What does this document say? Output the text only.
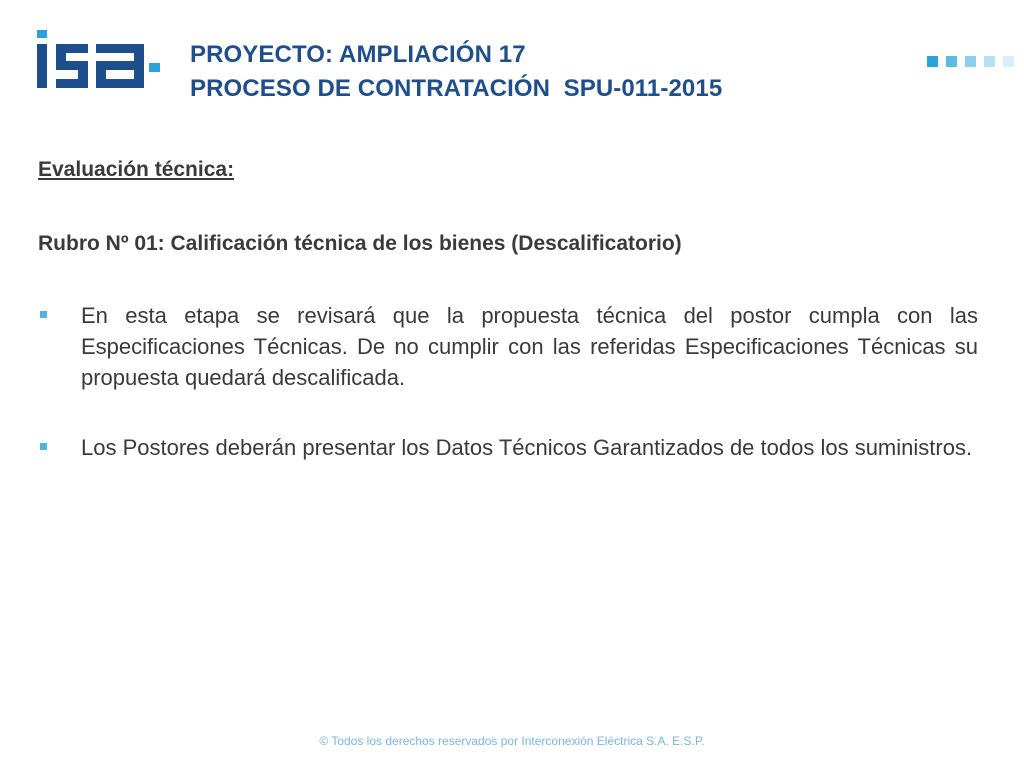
PROYECTO: AMPLIACIÓN 17
PROCESO DE CONTRATACIÓN  SPU-011-2015

Evaluación técnica:

Rubro Nº 01: Calificación técnica de los bienes (Descalificatorio)

En esta etapa se revisará que la propuesta técnica del postor cumpla con las Especificaciones Técnicas. De no cumplir con las referidas Especificaciones Técnicas su propuesta quedará descalificada.
Los Postores deberán presentar los Datos Técnicos Garantizados de todos los suministros.
© Todos los derechos reservados por Interconexión Eléctrica S.A. E.S.P.
